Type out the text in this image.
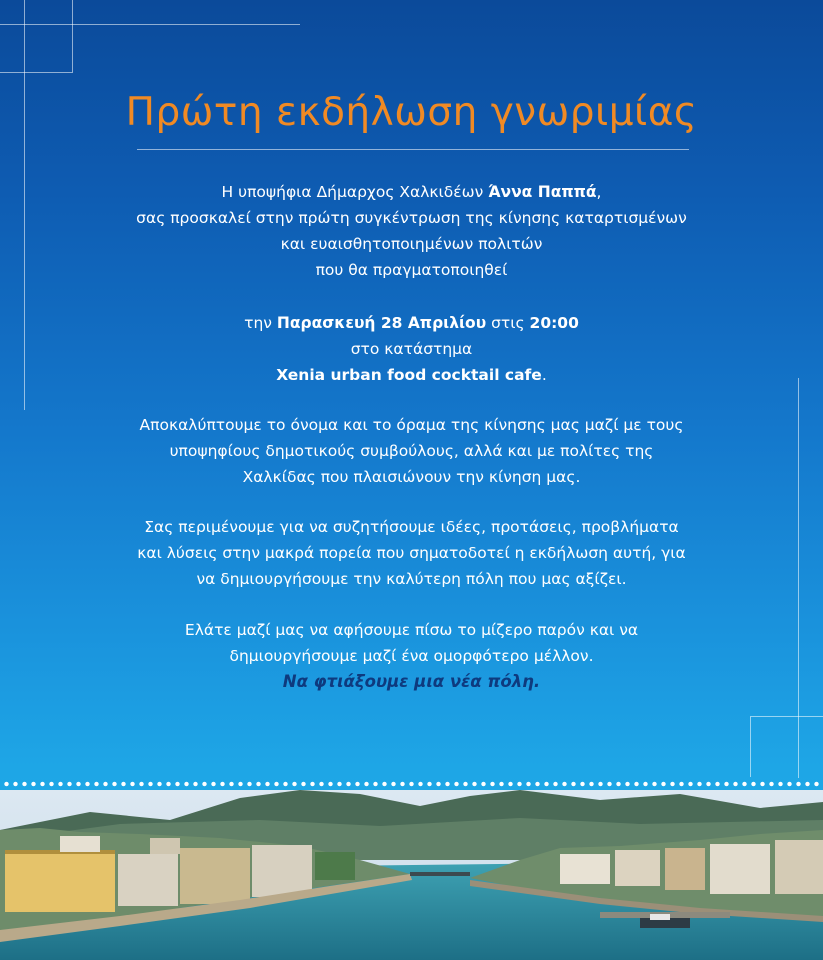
Πρώτη εκδήλωση γνωριμίας
Η υποψήφια Δήμαρχος Χαλκιδέων Άννα Παππά,
σας προσκαλεί στην πρώτη συγκέντρωση της κίνησης καταρτισμένων
και ευαισθητοποιημένων πολιτών
που θα πραγματοποιηθεί
την Παρασκευή 28 Απριλίου στις 20:00
στο κατάστημα
Xenia urban food cocktail cafe.
Αποκαλύπτουμε το όνομα και το όραμα της κίνησης μας μαζί με τους
υποψηφίους δημοτικούς συμβούλους, αλλά και με πολίτες της
Χαλκίδας που πλαισιώνουν την κίνηση μας.
Σας περιμένουμε για να συζητήσουμε ιδέες, προτάσεις, προβλήματα
και λύσεις στην μακρά πορεία που σηματοδοτεί η εκδήλωση αυτή, για
να δημιουργήσουμε την καλύτερη πόλη που μας αξίζει.
Ελάτε μαζί μας να αφήσουμε πίσω το μίζερο παρόν και να
δημιουργήσουμε μαζί ένα ομορφότερο μέλλον.
Να φτιάξουμε μια νέα πόλη.
